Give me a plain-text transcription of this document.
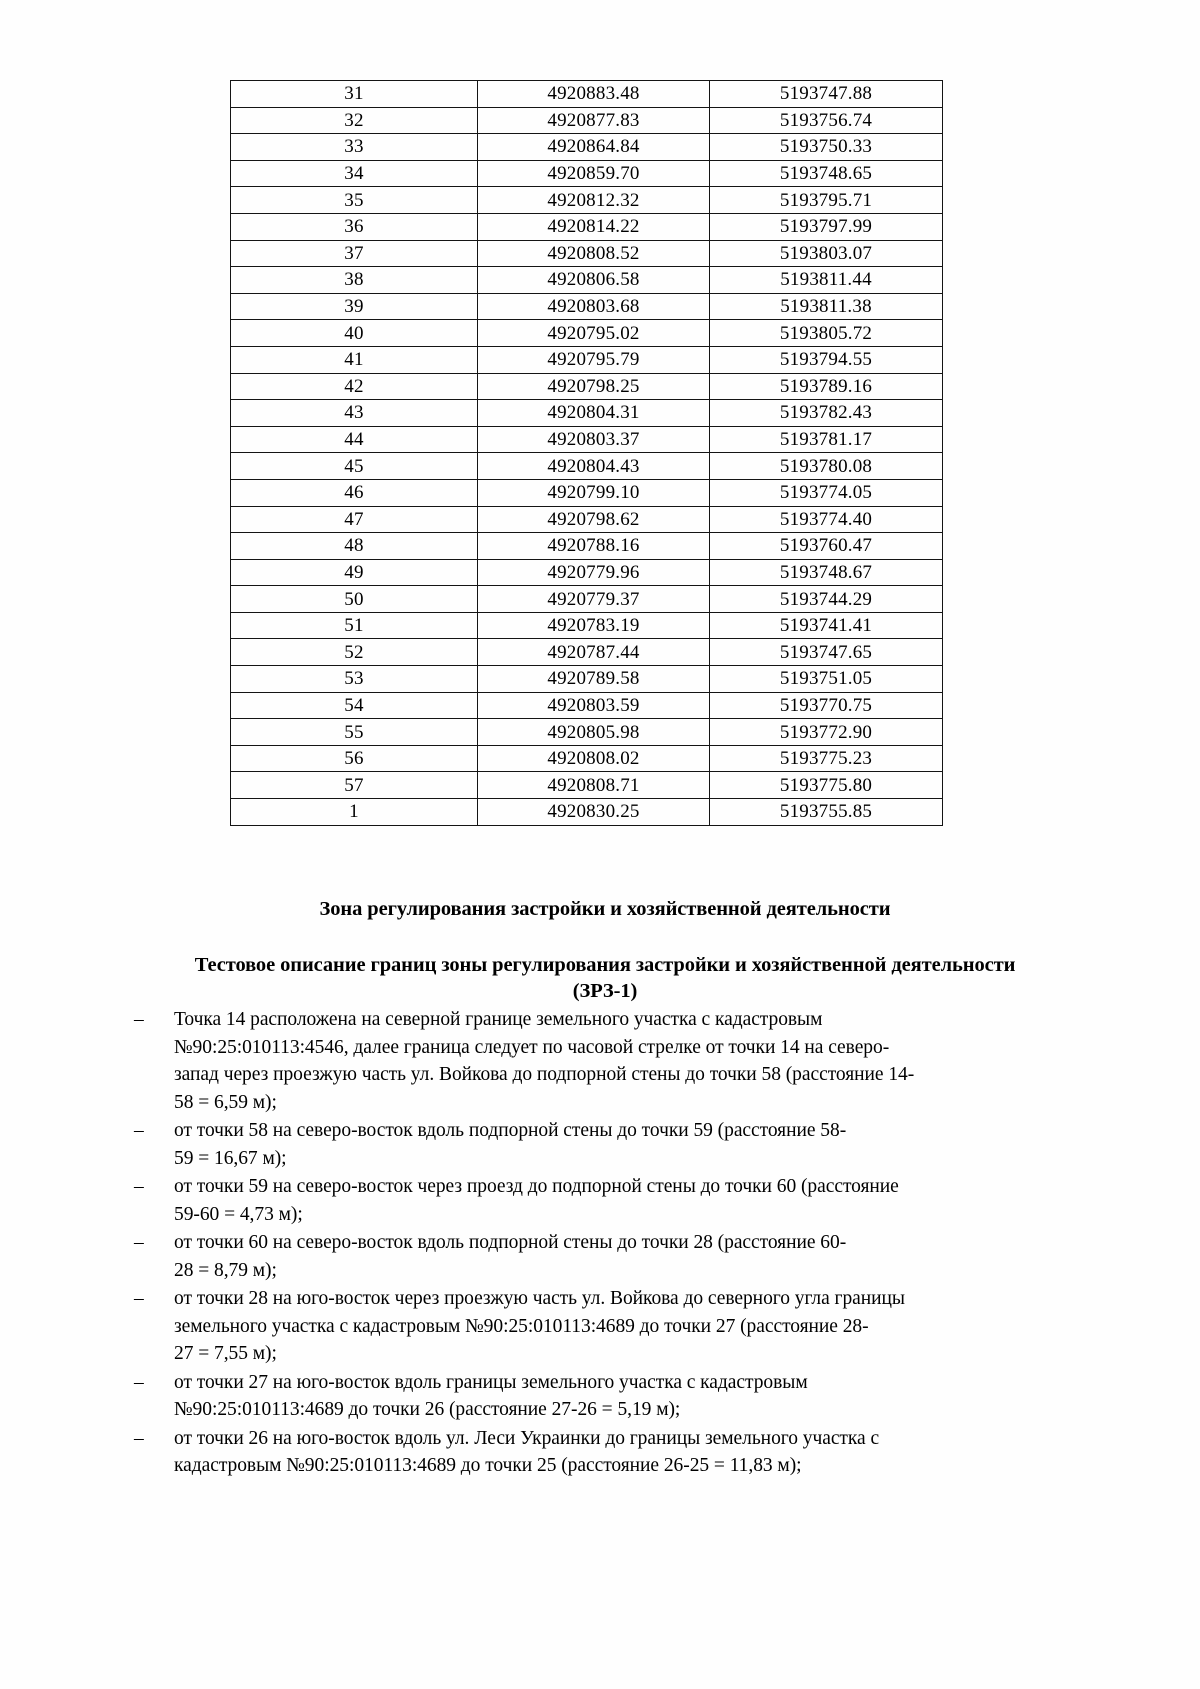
31	4920883.48	5193747.88
32	4920877.83	5193756.74
33	4920864.84	5193750.33
34	4920859.70	5193748.65
35	4920812.32	5193795.71
36	4920814.22	5193797.99
37	4920808.52	5193803.07
38	4920806.58	5193811.44
39	4920803.68	5193811.38
40	4920795.02	5193805.72
41	4920795.79	5193794.55
42	4920798.25	5193789.16
43	4920804.31	5193782.43
44	4920803.37	5193781.17
45	4920804.43	5193780.08
46	4920799.10	5193774.05
47	4920798.62	5193774.40
48	4920788.16	5193760.47
49	4920779.96	5193748.67
50	4920779.37	5193744.29
51	4920783.19	5193741.41
52	4920787.44	5193747.65
53	4920789.58	5193751.05
54	4920803.59	5193770.75
55	4920805.98	5193772.90
56	4920808.02	5193775.23
57	4920808.71	5193775.80
1	4920830.25	5193755.85
Зона регулирования застройки и хозяйственной деятельности
Тестовое описание границ зоны регулирования застройки и хозяйственной деятельности (ЗРЗ-1)
–	Точка 14 расположена на северной границе земельного участка с кадастровым
№90:25:010113:4546, далее граница следует по часовой стрелке от точки 14 на северо-
запад через проезжую часть ул. Войкова до подпорной стены до точки 58 (расстояние 14-
58 = 6,59 м);
–	от точки 58 на северо-восток вдоль подпорной стены до точки 59 (расстояние 58-
59 = 16,67 м);
–	от точки 59 на северо-восток через проезд до подпорной стены до точки 60 (расстояние
59-60 = 4,73 м);
–	от точки 60 на северо-восток вдоль подпорной стены до точки 28 (расстояние 60-
28 = 8,79 м);
–	от точки 28 на юго-восток через проезжую часть ул. Войкова до северного угла границы
земельного участка с кадастровым №90:25:010113:4689 до точки 27 (расстояние 28-
27 = 7,55 м);
–	от точки 27 на юго-восток вдоль границы земельного участка с кадастровым
№90:25:010113:4689 до точки 26 (расстояние 27-26 = 5,19 м);
–	от точки 26 на юго-восток вдоль ул. Леси Украинки до границы земельного участка с
кадастровым №90:25:010113:4689 до точки 25 (расстояние 26-25 = 11,83 м);
